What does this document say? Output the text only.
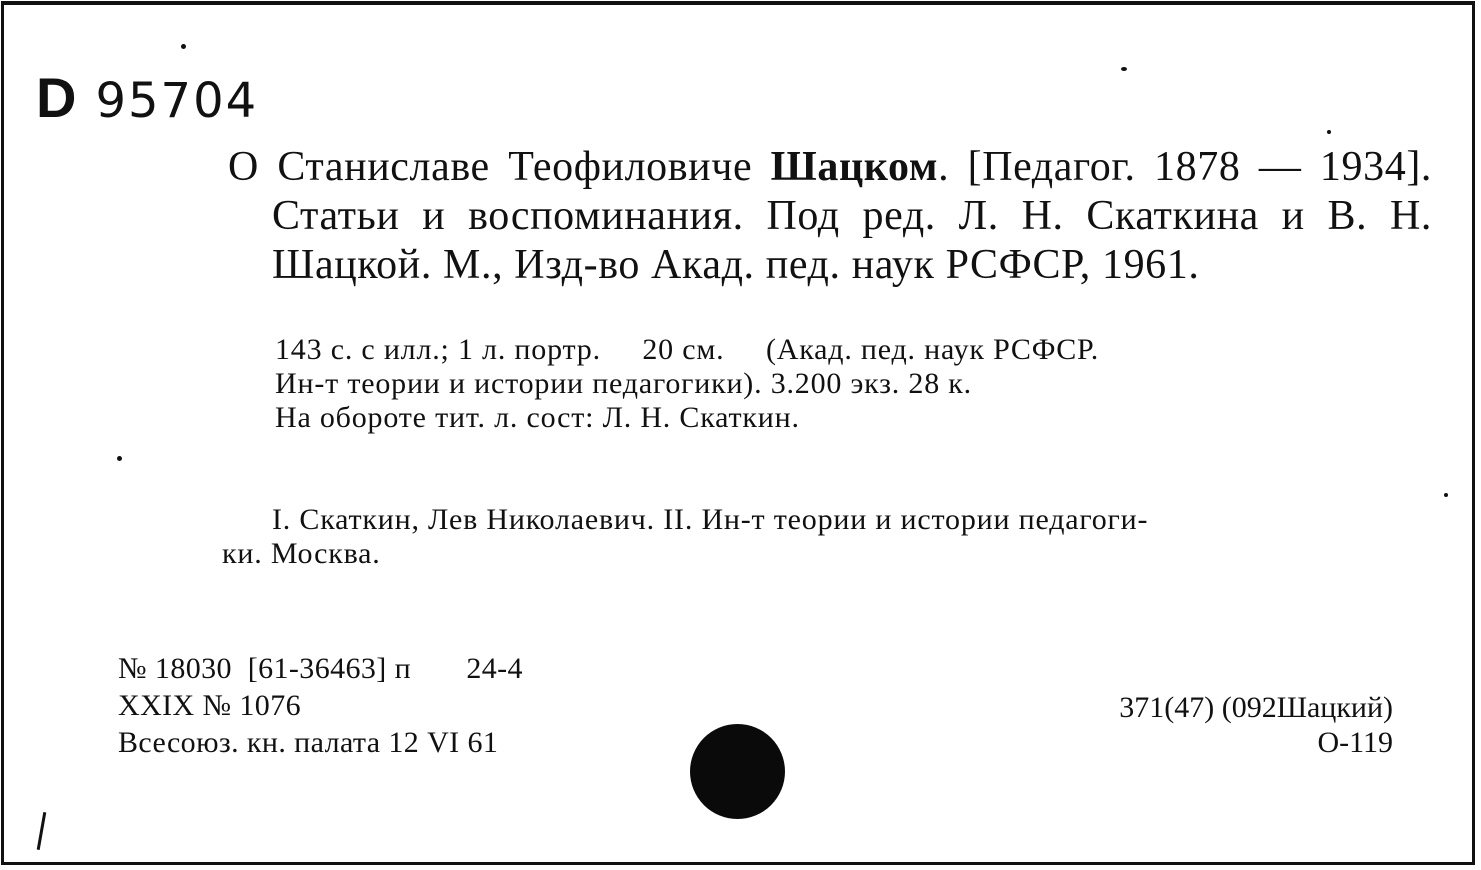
D 95704
О Станиславе Теофиловиче Шацком. [Педагог. 1878 — 1934]. Статьи и воспоминания. Под ред. Л. Н. Скаткина и В. Н. Шацкой. М., Изд-во Акад. пед. наук РСФСР, 1961.
143 с. с илл.; 1 л. портр.     20 см.     (Акад. пед. наук РСФСР.
Ин-т теории и истории педагогики). 3.200 экз. 28 к.
На обороте тит. л. сост: Л. Н. Скаткин.
I. Скаткин, Лев Николаевич. II. Ин-т теории и истории педагоги-
ки. Москва.
№ 18030  [61-36463] п       24-4
XXIX № 1076
Всесоюз. кн. палата 12 VI 61
371(47) (092Шацкий)
О-119
